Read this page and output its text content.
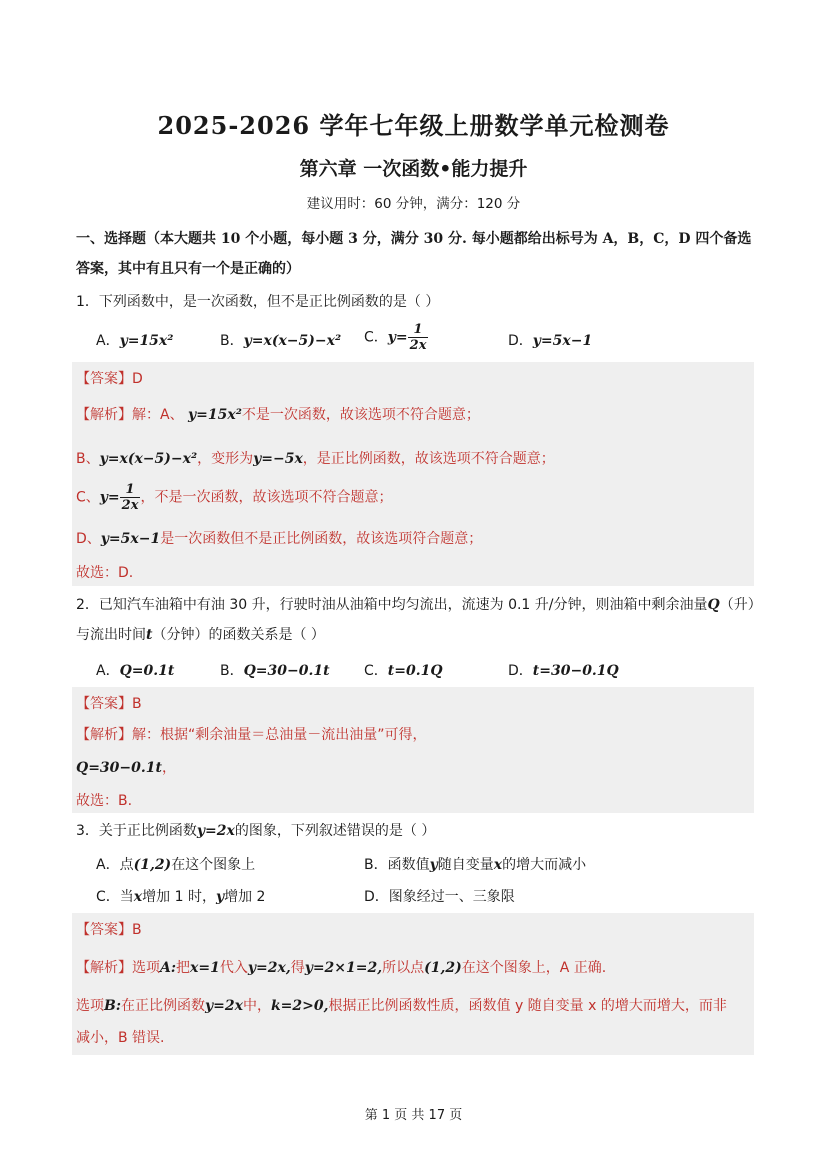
2025-2026 学年七年级上册数学单元检测卷
第六章 一次函数•能力提升
建议用时：60 分钟，满分：120 分
一、选择题（本大题共 10 个小题，每小题 3 分，满分 30 分. 每小题都给出标号为 A，B，C，D 四个备选答案，其中有且只有一个是正确的）
1．下列函数中，是一次函数，但不是正比例函数的是（ ）
A．y=15x²	B．y=x(x−5)−x² C．$y= \frac{1}{2x}$	D．y=5x−1
【答案】D
【解析】解：A、 y=15x²不是一次函数，故该选项不符合题意；
B、y=x(x−5)−x²，变形为y=−5x，是正比例函数，故该选项不符合题意；
C、$y= \frac{1}{2x}$ ，不是一次函数，故该选项不符合题意；
D、y=5x−1是一次函数但不是正比例函数，故该选项符合题意；
故选：D.
2．已知汽车油箱中有油 30 升，行驶时油从油箱中均匀流出，流速为 0.1 升/分钟，则油箱中剩余油量Q（升）
与流出时间t（分钟）的函数关系是（ ）
A．Q=0.1t	B．Q=30−0.1t C．t=0.1Q	D．t=30−0.1Q
【答案】B
【解析】解：根据“剩余油量＝总油量－流出油量”可得，
Q=30−0.1t，
故选：B.
3．关于正比例函数y=2x的图象，下列叙述错误的是（ ）
A．点(1,2)在这个图象上	B．函数值y随自变量x的增大而减小
C．当x增加 1 时，y增加 2	D．图象经过一、三象限
【答案】B
【解析】选项A:把x=1代入y=2x,得y=2×1=2,所以点(1,2)在这个图象上，A 正确.
选项B:在正比例函数y=2x中，k=2>0,根据正比例函数性质，函数值 y 随自变量 x 的增大而增大，而非
减小，B 错误.
第 1 页 共 17 页
